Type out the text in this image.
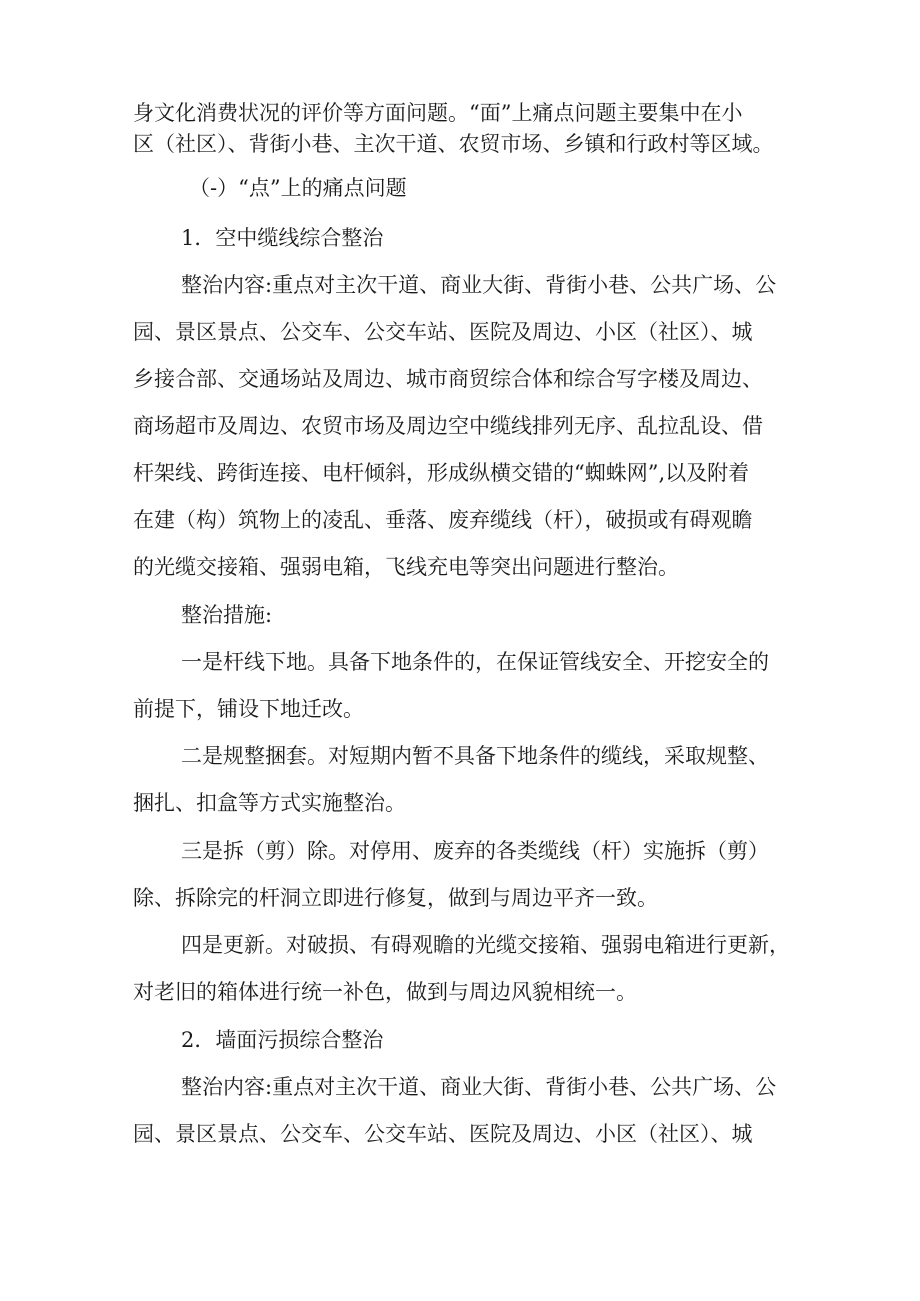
身文化消费状况的评价等方面问题。“面”上痛点问题主要集中在小
区（社区）、背街小巷、主次干道、农贸市场、乡镇和行政村等区域。
（-）“点”上的痛点问题
1．空中缆线综合整治
整治内容:重点对主次干道、商业大街、背街小巷、公共广场、公
园、景区景点、公交车、公交车站、医院及周边、小区（社区）、城
乡接合部、交通场站及周边、城市商贸综合体和综合写字楼及周边、
商场超市及周边、农贸市场及周边空中缆线排列无序、乱拉乱设、借
杆架线、跨街连接、电杆倾斜，形成纵横交错的“蜘蛛网”,以及附着
在建（构）筑物上的凌乱、垂落、废弃缆线（杆），破损或有碍观瞻
的光缆交接箱、强弱电箱，飞线充电等突出问题进行整治。
整治措施:
一是杆线下地。具备下地条件的，在保证管线安全、开挖安全的
前提下，铺设下地迁改。
二是规整捆套。对短期内暂不具备下地条件的缆线，采取规整、
捆扎、扣盒等方式实施整治。
三是拆（剪）除。对停用、废弃的各类缆线（杆）实施拆（剪）
除、拆除完的杆洞立即进行修复，做到与周边平齐一致。
四是更新。对破损、有碍观瞻的光缆交接箱、强弱电箱进行更新，
对老旧的箱体进行统一补色，做到与周边风貌相统一。
2．墙面污损综合整治
整治内容:重点对主次干道、商业大街、背街小巷、公共广场、公
园、景区景点、公交车、公交车站、医院及周边、小区（社区）、城
